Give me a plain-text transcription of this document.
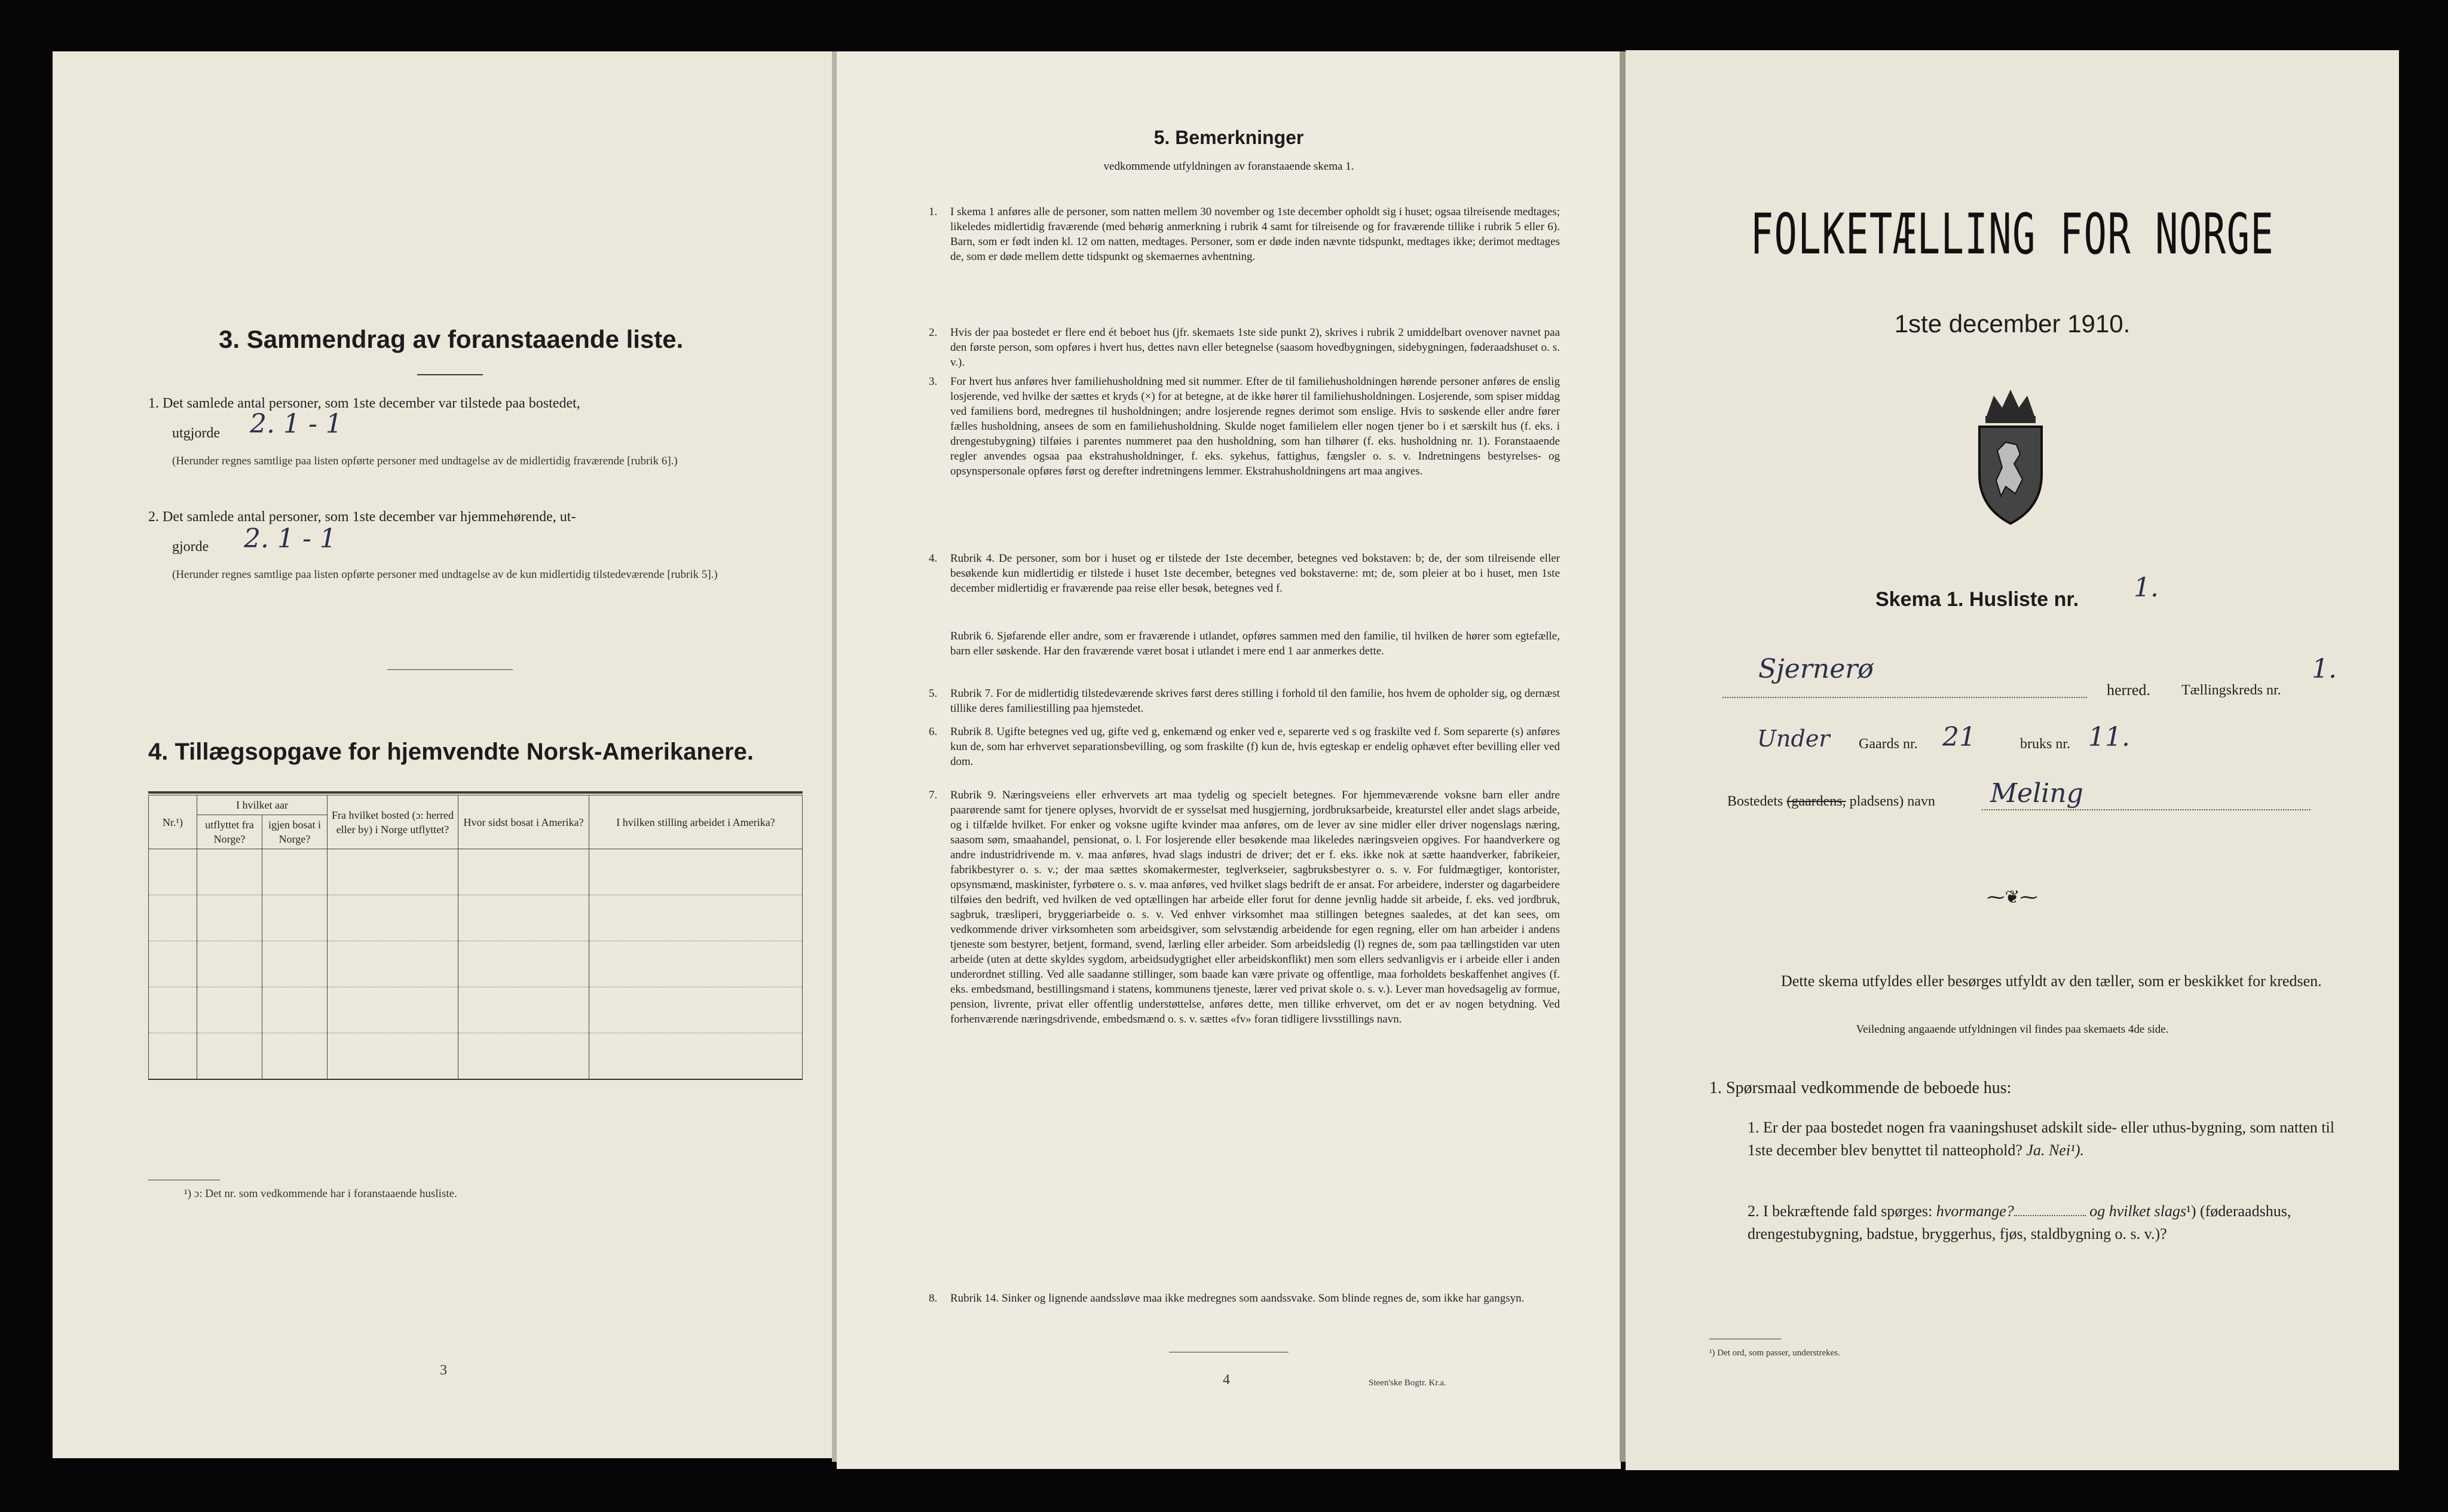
3. Sammendrag av foranstaaende liste.
1. Det samlede antal personer, som 1ste december var tilstede paa bostedet,
utgjorde 2. 1 - 1
(Herunder regnes samtlige paa listen opførte personer med undtagelse av de midlertidig fraværende [rubrik 6].)
2. Det samlede antal personer, som 1ste december var hjemmehørende, ut-
gjorde 2. 1 - 1
(Herunder regnes samtlige paa listen opførte personer med undtagelse av de kun midlertidig tilstedeværende [rubrik 5].)
4. Tillægsopgave for hjemvendte Norsk-Amerikanere.
Nr.¹)	I hvilket aar		Fra hvilket bosted (ɔ: herred eller by) i Norge utflyttet?	Hvor sidst bosat i Amerika?	I hvilken stilling arbeidet i Amerika?
	utflyttet fra Norge?	igjen bosat i Norge?			

¹) ɔ: Det nr. som vedkommende har i foranstaaende husliste.
3
5. Bemerkninger
vedkommende utfyldningen av foranstaaende skema 1.
1. I skema 1 anføres alle de personer, som natten mellem 30 november og 1ste december opholdt sig i huset; ogsaa tilreisende medtages; likeledes midlertidig fraværende (med behørig anmerkning i rubrik 4 samt for tilreisende og for fraværende tillike i rubrik 5 eller 6). Barn, som er født inden kl. 12 om natten, medtages. Personer, som er døde inden nævnte tidspunkt, medtages ikke; derimot medtages de, som er døde mellem dette tidspunkt og skemaernes avhentning.
2. Hvis der paa bostedet er flere end ét beboet hus (jfr. skemaets 1ste side punkt 2), skrives i rubrik 2 umiddelbart ovenover navnet paa den første person, som opføres i hvert hus, dettes navn eller betegnelse (saasom hovedbygningen, sidebygningen, føderaadshuset o. s. v.).
3. For hvert hus anføres hver familiehusholdning med sit nummer. Efter de til familiehusholdningen hørende personer anføres de enslig losjerende, ved hvilke der sættes et kryds (×) for at betegne, at de ikke hører til familiehusholdningen. Losjerende, som spiser middag ved familiens bord, medregnes til husholdningen; andre losjerende regnes derimot som enslige. Hvis to søskende eller andre fører fælles husholdning, ansees de som en familiehusholdning. Skulde noget familielem eller nogen tjener bo i et særskilt hus (f. eks. i drengestubygning) tilføies i parentes nummeret paa den husholdning, som han tilhører (f. eks. husholdning nr. 1). Foranstaaende regler anvendes ogsaa paa ekstrahusholdninger, f. eks. sykehus, fattighus, fængsler o. s. v. Indretningens bestyrelses- og opsynspersonale opføres først og derefter indretningens lemmer. Ekstrahusholdningens art maa angives.
4. Rubrik 4. De personer, som bor i huset og er tilstede der 1ste december, betegnes ved bokstaven: b; de, der som tilreisende eller besøkende kun midlertidig er tilstede i huset 1ste december, betegnes ved bokstaverne: mt; de, som pleier at bo i huset, men 1ste december midlertidig er fraværende paa reise eller besøk, betegnes ved f.
Rubrik 6. Sjøfarende eller andre, som er fraværende i utlandet, opføres sammen med den familie, til hvilken de hører som egtefælle, barn eller søskende. Har den fraværende været bosat i utlandet i mere end 1 aar anmerkes dette.
5. Rubrik 7. For de midlertidig tilstedeværende skrives først deres stilling i forhold til den familie, hos hvem de opholder sig, og dernæst tillike deres familiestilling paa hjemstedet.
6. Rubrik 8. Ugifte betegnes ved ug, gifte ved g, enkemænd og enker ved e, separerte ved s og fraskilte ved f. Som separerte (s) anføres kun de, som har erhvervet separationsbevilling, og som fraskilte (f) kun de, hvis egteskap er endelig ophævet efter bevilling eller ved dom.
7. Rubrik 9. Næringsveiens eller erhvervets art maa tydelig og specielt betegnes. For hjemmeværende voksne barn eller andre paarørende samt for tjenere oplyses, hvorvidt de er sysselsat med husgjerning, jordbruksarbeide, kreaturstel eller andet slags arbeide, og i tilfælde hvilket. For enker og voksne ugifte kvinder maa anføres, om de lever av sine midler eller driver nogenslags næring, saasom søm, smaahandel, pensionat, o. l. For losjerende eller besøkende maa likeledes næringsveien opgives. For haandverkere og andre industridrivende m. v. maa anføres, hvad slags industri de driver; det er f. eks. ikke nok at sætte haandverker, fabrikeier, fabrikbestyrer o. s. v.; der maa sættes skomakermester, teglverkseier, sagbruksbestyrer o. s. v. For fuldmægtiger, kontorister, opsynsmænd, maskinister, fyrbøtere o. s. v. maa anføres, ved hvilket slags bedrift de er ansat. For arbeidere, inderster og dagarbeidere tilføies den bedrift, ved hvilken de ved optællingen har arbeide eller forut for denne jevnlig hadde sit arbeide, f. eks. ved jordbruk, sagbruk, træsliperi, bryggeriarbeide o. s. v. Ved enhver virksomhet maa stillingen betegnes saaledes, at det kan sees, om vedkommende driver virksomheten som arbeidsgiver, som selvstændig arbeidende for egen regning, eller om han arbeider i andens tjeneste som bestyrer, betjent, formand, svend, lærling eller arbeider. Som arbeidsledig (l) regnes de, som paa tællingstiden var uten arbeide (uten at dette skyldes sygdom, arbeidsudygtighet eller arbeidskonflikt) men som ellers sedvanligvis er i arbeide eller i anden underordnet stilling. Ved alle saadanne stillinger, som baade kan være private og offentlige, maa forholdets beskaffenhet angives (f. eks. embedsmand, bestillingsmand i statens, kommunens tjeneste, lærer ved privat skole o. s. v.). Lever man hovedsagelig av formue, pension, livrente, privat eller offentlig understøttelse, anføres dette, men tillike erhvervet, om det er av nogen betydning. Ved forhenværende næringsdrivende, embedsmænd o. s. v. sættes «fv» foran tidligere livsstillings navn.
8. Rubrik 14. Sinker og lignende aandssløve maa ikke medregnes som aandssvake. Som blinde regnes de, som ikke har gangsyn.
4	Steen'ske Bogtr. Kr.a.
FOLKETÆLLING FOR NORGE
1ste december 1910.
Skema 1. Husliste nr. 1.
Sjernerø
herred. Tællingskreds nr.
1.
Under Gaards nr. 21	bruks nr. 11.
Bostedets (gaardens, pladsens) navn Meling
⁓❦⁓
Dette skema utfyldes eller besørges utfyldt av den tæller, som er beskikket for kredsen.
Veiledning angaaende utfyldningen vil findes paa skemaets 4de side.
1. Spørsmaal vedkommende de beboede hus:
1. Er der paa bostedet nogen fra vaaningshuset adskilt side- eller uthus-bygning, som natten til 1ste december blev benyttet til natteophold? Ja. Nei¹).
2. I bekræftende fald spørges: hvormange?	og hvilket slags¹) (føderaadshus, drengestubygning, badstue, bryggerhus, fjøs, staldbygning o. s. v.)?
¹) Det ord, som passer, understrekes.
